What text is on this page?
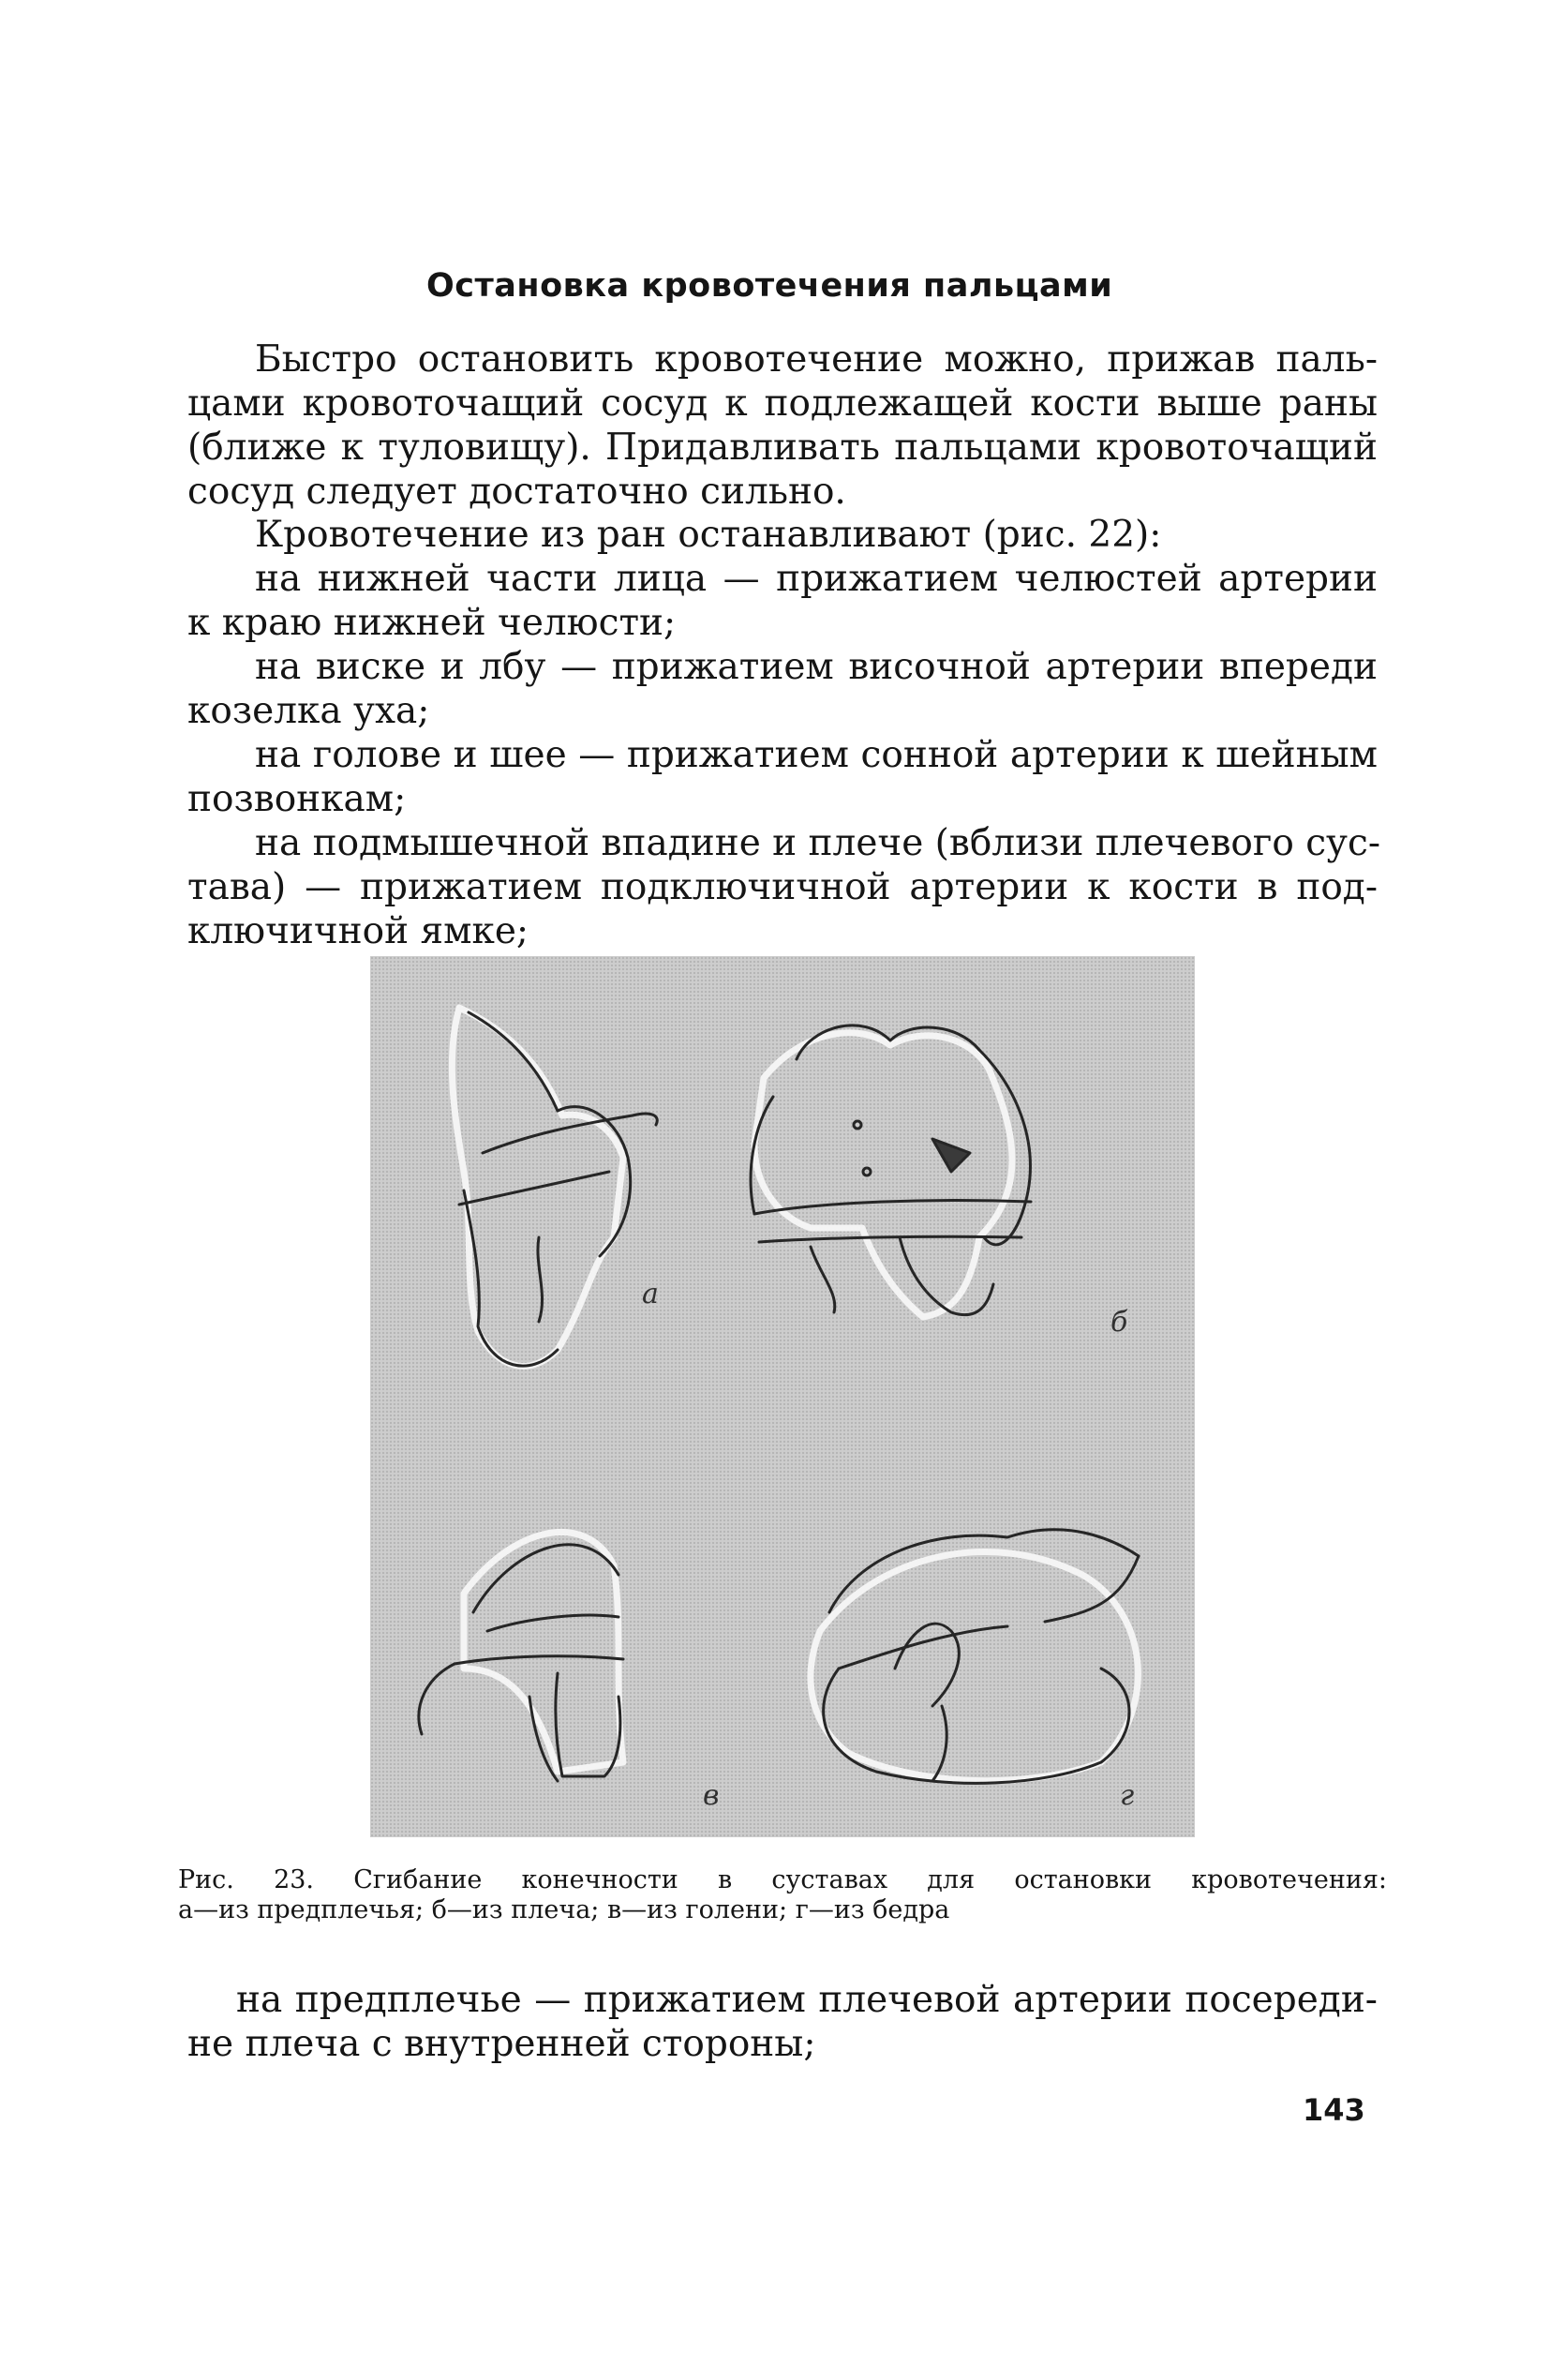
Остановка кровотечения пальцами
Быстро остановить кровотечение можно, прижав паль-
цами кровоточащий сосуд к подлежащей кости выше раны
(ближе к туловищу). Придавливать пальцами кровоточащий
сосуд следует достаточно сильно.
Кровотечение из ран останавливают (рис. 22):
на нижней части лица — прижатием челюстей артерии
к краю нижней челюсти;
на виске и лбу — прижатием височной артерии впереди
козелка уха;
на голове и шее — прижатием сонной артерии к шейным
позвонкам;
на подмышечной впадине и плече (вблизи плечевого сус-
тава) — прижатием подключичной артерии к кости в под-
ключичной ямке;
а
б
в	г
Рис. 23. Сгибание конечности в суставах для остановки кровотечения:
а—из предплечья; б—из плеча; в—из голени; г—из бедра
на предплечье — прижатием плечевой артерии посереди-
не плеча с внутренней стороны;
143
